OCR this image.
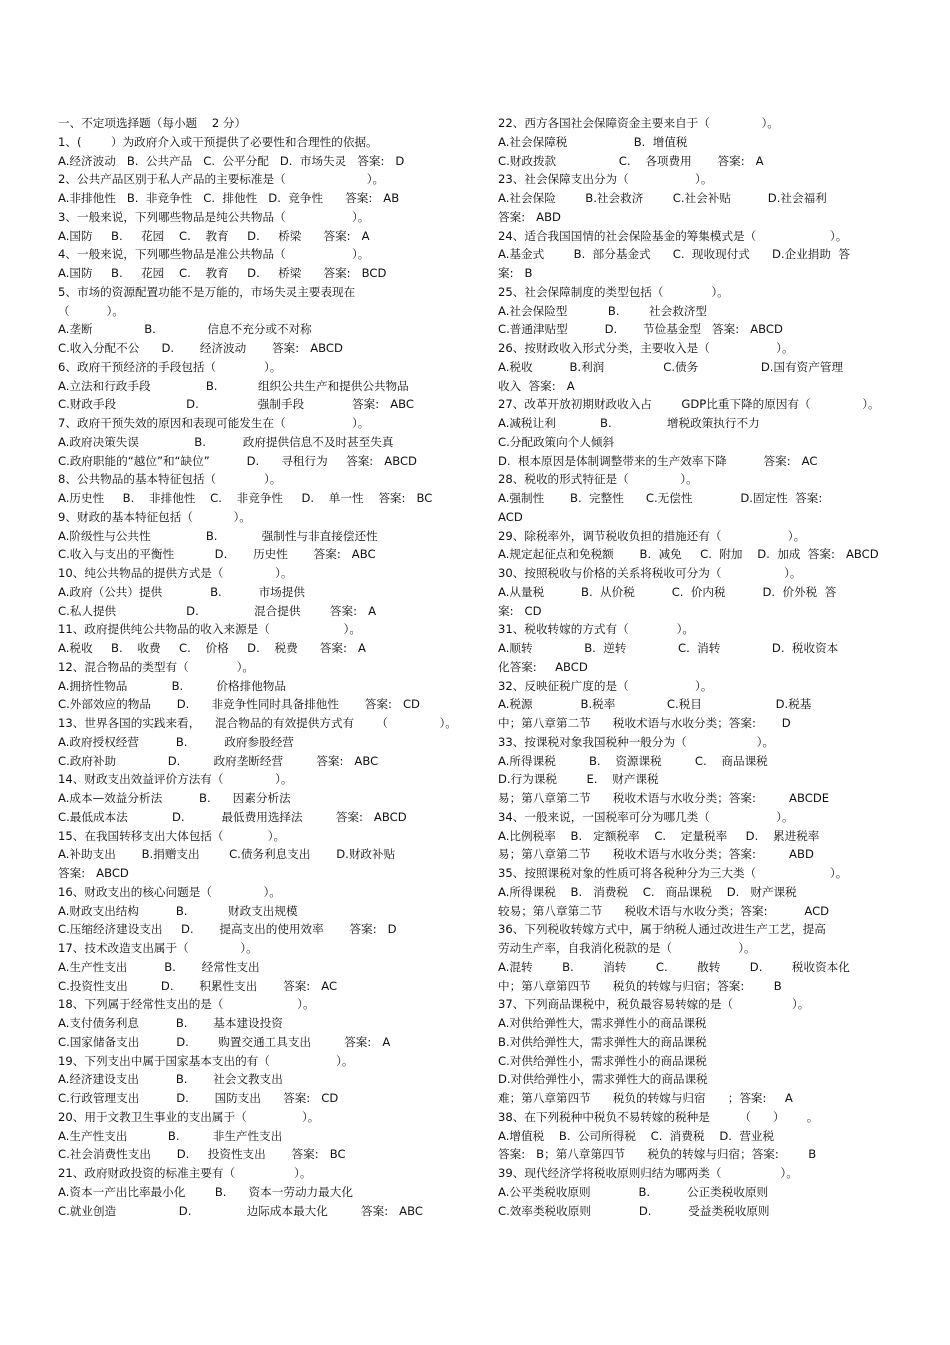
一、不定项选择题（每小题    2 分）
1、(        ）为政府介入或干预提供了必要性和合理性的依据。
A.经济波动   B.  公共产品   C.  公平分配   D.  市场失灵   答案:   D
2、公共产品区别于私人产品的主要标准是（                      ）。
A.非排他性   B.  非竞争性   C.  排他性   D.  竞争性      答案:   AB
3、一般来说，下列哪些物品是纯公共物品（                  ）。
A.国防     B.     花园    C.    教育     D.     桥梁      答案:   A
4、一般来说，下列哪些物品是准公共物品（                  ）。
A.国防     B.     花园    C.    教育     D.     桥梁      答案:   BCD
5、市场的资源配置功能不是万能的，市场失灵主要表现在
（          ）。
A.垄断              B.              信息不充分或不对称
C.收入分配不公      D.       经济波动       答案:   ABCD
6、政府干预经济的手段包括（             ）。
A.立法和行政手段               B.           组织公共生产和提供公共物品
C.财政手段                   D.                强制手段             答案:   ABC
7、政府干预失效的原因和表现可能发生在（                  ）。
A.政府决策失误               B.          政府提供信息不及时甚至失真
C.政府职能的“越位”和“缺位”          D.      寻租行为     答案:   ABCD
8、公共物品的基本特征包括（             ）。
A.历史性     B.    非排他性    C.    非竞争性     D.    单一性    答案:   BC
9、财政的基本特征包括（           ）。
A.阶级性与公共性               B.            强制性与非直接偿还性
C.收入与支出的平衡性           D.       历史性       答案:   ABC
10、纯公共物品的提供方式是（              ）。
A.政府（公共）提供             B.          市场提供
C.私人提供                   D.               混合提供        答案:   A
11、政府提供纯公共物品的收入来源是（                    ）。
A.税收     B.    收费     C.    价格     D.    税费      答案:   A
12、混合物品的类型有（             ）。
A.拥挤性物品            B.         价格排他物品
C.外部效应的物品       D.      非竞争性同时具备排他性       答案:   CD
13、世界各国的实践来看，    混合物品的有效提供方式有      （              ）。
A.政府授权经营          B.          政府参股经营
C.政府补助              D.         政府垄断经营         答案:   ABC
14、财政支出效益评价方法有（              ）。
A.成本—效益分析法          B.      因素分析法
C.最低成本法            D.          最低费用选择法         答案:   ABCD
15、在我国转移支出大体包括（            ）。
A.补助支出       B.捐赠支出        C.债务利息支出       D.财政补贴
答案:   ABCD
16、财政支出的核心问题是（              ）。
A.财政支出结构          B.           财政支出规模
C.压缩经济建设支出     D.       提高支出的使用效率       答案:   D
17、技术改造支出属于（              ）。
A.生产性支出          B.       经常性支出
C.投资性支出         D.       积累性支出       答案:   AC
18、下列属于经常性支出的是（                    ）。
A.支付债务利息          B.       基本建设投资
C.国家储备支出          D.        购置交通工具支出         答案:   A
19、下列支出中属于国家基本支出的有（                  ）。
A.经济建设支出          B.       社会文教支出
C.行政管理支出          D.       国防支出      答案:   CD
20、用于文教卫生事业的支出属于（               ）。
A.生产性支出           B.         非生产性支出
C.社会消费性支出       D.     投资性支出       答案:   BC
21、政府财政投资的标准主要有（                ）。
A.资本一产出比率最小化        B.      资本一劳动力最大化
C.就业创造                 D.               边际成本最大化         答案:   ABC
22、西方各国社会保障资金主要来自于（              ）。
A.社会保障税                  B.  增值税
C.财政拨款                 C.    各项费用       答案:   A
23、社会保障支出分为（                  ）。
A.社会保险        B.社会救济        C.社会补贴          D.社会福利
答案:   ABD
24、适合我国国情的社会保险基金的筹集模式是（                    ）。
A.基金式        B.  部分基金式      C.  现收现付式      D.企业捐助  答
案:   B
25、社会保障制度的类型包括（             ）。
A.社会保险型           B.        社会救济型
C.普通津贴型          D.       节俭基金型   答案:   ABCD
26、按财政收入形式分类，主要收入是（                  ）。
A.税收          B.利润                C.债务                 D.国有资产管理
收入  答案:   A
27、改革开放初期财政收入占        GDP比重下降的原因有（              ）。
A.减税让利            B.               增税政策执行不力
C.分配政策向个人倾斜
D.  根本原因是体制调整带来的生产效率下降          答案:   AC
28、税收的形式特征是（              ）。
A.强制性       B.  完整性      C.无偿性             D.固定性  答案:
ACD
29、除税率外，调节税收负担的措施还有（                  ）。
A.规定起征点和免税额       B.  减免     C.  附加    D.  加成  答案:   ABCD
30、按照税收与价格的关系将税收可分为（                 ）。
A.从量税          B.  从价税          C.  价内税          D.  价外税  答
案:   CD
31、税收转嫁的方式有（             ）。
A.顺转              B.  逆转              C.  消转              D.  税收资本
化答案:     ABCD
32、反映征税广度的是（                  ）。
A.税源             B.税率              C.税目                    D.税基
中；第八章第二节      税收术语与水收分类；答案:       D
33、按课税对象我国税种一般分为（                   ）。
A.所得课税         B.    资源课税         C.    商品课税
D.行为课税        E.    财产课税
易；第八章第二节      税收术语与水收分类；答案:         ABCDE
34、一般来说，一国税率可分为哪几类（                  ）。
A.比例税率    B.   定额税率    C.    定量税率     D.    累进税率
易；第八章第二节      税收术语与水收分类；答案:         ABD
35、按照课税对象的性质可将各税种分为三大类（                    ）。
A.所得课税    B.   消费税    C.   商品课税    D.   财产课税
较易；第八章第二节      税收术语与水收分类；答案:          ACD
36、下列税收转嫁方式中，属于纳税人通过改进生产工艺，提高
劳动生产率，自我消化税款的是（                  ）。
A.混转        B.        消转        C.        散转        D.        税收资本化
中；第八章第四节      税负的转嫁与归宿；答案:        B
37、下列商品课税中，税负最容易转嫁的是（                ）。
A.对供给弹性大，需求弹性小的商品课税
B.对供给弹性大，需求弹性大的商品课税
C.对供给弹性小，需求弹性小的商品课税
D.对供给弹性小，需求弹性大的商品课税
难；第八章第四节      税负的转嫁与归宿      ；答案:     A
38、在下列税种中税负不易转嫁的税种是        （      ）      。
A.增值税    B.  公司所得税    C.  消费税    D.  营业税
答案:   B；第八章第四节      税负的转嫁与归宿；答案:        B
39、现代经济学将税收原则归结为哪两类（                ）。
A.公平类税收原则             B.          公正类税收原则
C.效率类税收原则             D.          受益类税收原则
